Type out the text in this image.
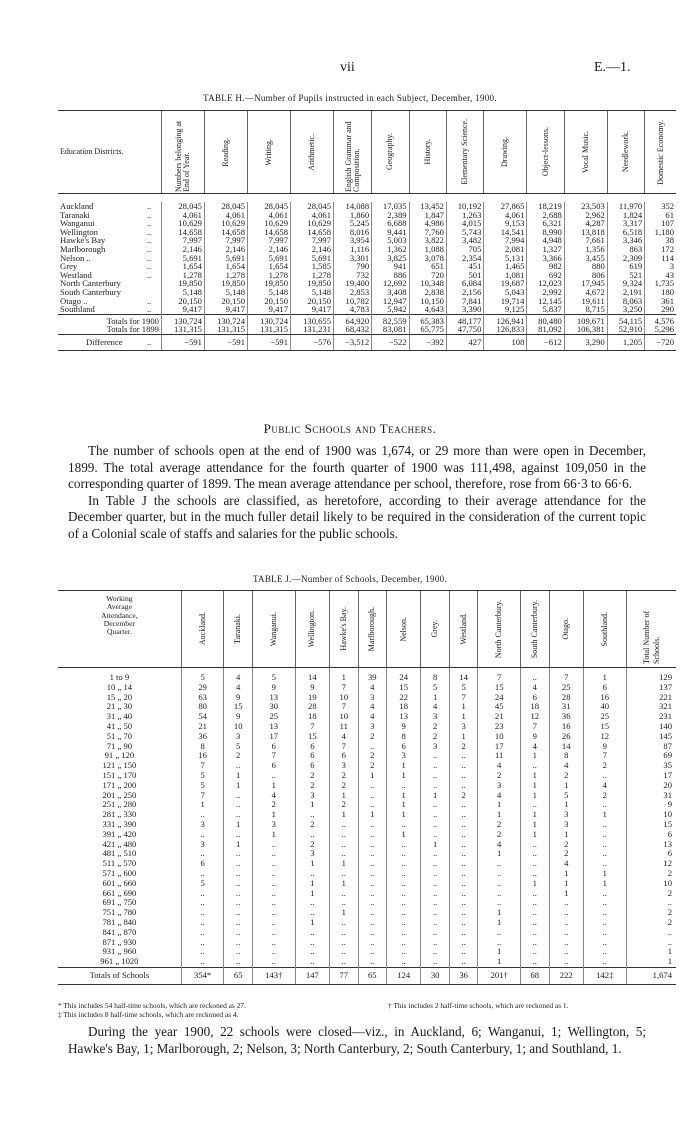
vii	E.—1.
TABLE H.—Number of Pupils instructed in each Subject, December, 1900.
Education Districts.		Numbers belonging at End of Year.	Reading.	Writing.	Arithmetic.	English Grammar and Composition.	Geography.	History.	Elementary Science.	Drawing.	Object-lessons.	Vocal Music.	Needlework.	Domestic Economy.

Auckland	..	28,045	28,045	28,045	28,045	14,088	17,035	13,452	10,192	27,865	18,219	23,503	11,970	352
Taranaki	..	4,061	4,061	4,061	4,061	1,860	2,389	1,847	1,263	4,061	2,688	2,962	1,824	61
Wanganui	..	10,629	10,629	10,629	10,629	5,245	6,688	4,986	4,015	9,153	6,321	4,287	3,317	107
Wellington	..	14,658	14,658	14,658	14,658	8,016	9,441	7,760	5,743	14,541	8,990	13,818	6,518	1,180
Hawke's Bay	..	7,997	7,997	7,997	7,997	3,954	5,003	3,822	3,482	7,994	4,948	7,661	3,346	38
Marlborough	..	2,146	2,146	2,146	2,146	1,116	1,362	1,088	705	2,081	1,327	1,356	863	172
Nelson ..	..	5,691	5,691	5,691	5,691	3,301	3,825	3,078	2,354	5,131	3,366	3,455	2,309	114
Grey	..	1,654	1,654	1,654	1,585	790	941	651	451	1,465	982	880	619	3
Westland	..	1,278	1,278	1,278	1,278	732	886	720	501	1,081	692	806	521	43
North Canterbury		19,850	19,850	19,850	19,850	19,400	12,692	10,348	6,084	19,687	12,023	17,945	9,324	1,735
South Canterbury		5,148	5,148	5,148	5,148	2,853	3,408	2,838	2,156	5,043	2,992	4,672	2,191	180
Otago ..	..	20,150	20,150	20,150	20,150	10,782	12,947	10,150	7,841	19,714	12,145	19,611	8,063	361
Southland	..	9,417	9,417	9,417	9,417	4,783	5,942	4,643	3,390	9,125	5,837	8,715	3,250	290
Totals for 1900		130,724	130,724	130,724	130,655	64,920	82,559	65,383	48,177	126,941	80,480	109,671	54,115	4,576
Totals for 1899		131,315	131,315	131,315	131,231	68,432	83,081	65,775	47,750	126,833	81,092	106,381	52,910	5,296
Difference	..	−591	−591	−591	−576	−3,512	−522	−392	427	108	−612	3,290	1,205	−720
Public Schools and Teachers.

The number of schools open at the end of 1900 was 1,674, or 29 more than were open in December, 1899. The total average attendance for the fourth quarter of 1900 was 111,498, against 109,050 in the corresponding quarter of 1899. The mean average attendance per school, therefore, rose from 66·3 to 66·6.

In Table J the schools are classified, as heretofore, according to their average attendance for the December quarter, but in the much fuller detail likely to be required in the consideration of the current topic of a Colonial scale of staffs and salaries for the public schools.

TABLE J.—Number of Schools, December, 1900.
Working
Average
Attendance,
December
Quarter.	Auckland.	Taranaki.	Wanganui.	Wellington.	Hawke's Bay.	Marlborough.	Nelson.	Grey.	Westland.	North Canterbury.	South Canterbury.	Otago.	Southland.	Total Number of Schools.

1 to 9	5	4	5	14	1	39	24	8	14	7	..	7	1	129
10 „ 14	29	4	9	9	7	4	15	5	5	15	4	25	6	137
15 „ 20	63	9	13	19	10	3	22	1	7	24	6	28	16	221
21 „ 30	80	15	30	28	7	4	18	4	1	45	18	31	40	321
31 „ 40	54	9	25	18	10	4	13	3	1	21	12	36	25	231
41 „ 50	21	10	13	7	11	3	9	2	3	23	7	16	15	140
51 „ 70	36	3	17	15	4	2	8	2	1	10	9	26	12	145
71 „ 90	8	5	6	6	7	..	6	3	2	17	4	14	9	87
91 „ 120	16	2	7	6	6	2	3	..	..	11	1	8	7	69
121 „ 150	7	..	6	6	3	2	1	..	..	4	..	4	2	35
151 „ 170	5	1	..	2	2	1	1	..	..	2	1	2	..	17
171 „ 200	5	1	1	2	2	..	..	..	..	3	1	1	4	20
201 „ 250	7	..	4	3	1	..	1	1	2	4	1	5	2	31
251 „ 280	1	..	2	1	2	..	1	..	..	1	..	1	..	9
281 „ 330	..	..	1	..	1	1	1	..	..	1	1	3	1	10
331 „ 390	3	1	3	2	..	..	..	..	..	2	1	3	..	15
391 „ 420	..	..	1	..	..	..	1	..	..	2	1	1	..	6
421 „ 480	3	1	..	2	..	..	..	1	..	4	..	2	..	13
481 „ 510	..	..	..	3	..	..	..	..	..	1	..	2	..	6
511 „ 570	6	..	..	1	1	..	..	..	..	..	..	4	..	12
571 „ 600	..	..	..	..	..	..	..	..	..	..	..	1	1	2
601 „ 660	5	..	..	1	1	..	..	..	..	..	1	1	1	10
661 „ 690	..	..	..	1	..	..	..	..	..	..	..	1	..	2
691 „ 750	..	..	..	..	..	..	..	..	..	..	..	..	..	..
751 „ 780	..	..	..	..	1	..	..	..	..	1	..	..	..	2
781 „ 840	..	..	..	1	..	..	..	..	..	1	..	..	..	2
841 „ 870	..	..	..	..	..	..	..	..	..	..	..	..	..	..
871 „ 930	..	..	..	..	..	..	..	..	..	..	..	..	..	..
931 „ 960	..	..	..	..	..	..	..	..	..	1	..	..	..	1
961 „ 1020	..	..	..	..	..	..	..	..	..	1	..	..	..	1
Totals of Schools	354*	65	143†	147	77	65	124	30	36	201†	68	222	142‡	1,674
* This includes 54 half-time schools, which are reckoned as 27.
‡ This includes 8 half-time schools, which are reckoned as 4.
† This includes 2 half-time schools, which are reckoned as 1.

During the year 1900, 22 schools were closed—viz., in Auckland, 6; Wanganui, 1; Wellington, 5; Hawke's Bay, 1; Marlborough, 2; Nelson, 3; North Canterbury, 2; South Canterbury, 1; and Southland, 1.
